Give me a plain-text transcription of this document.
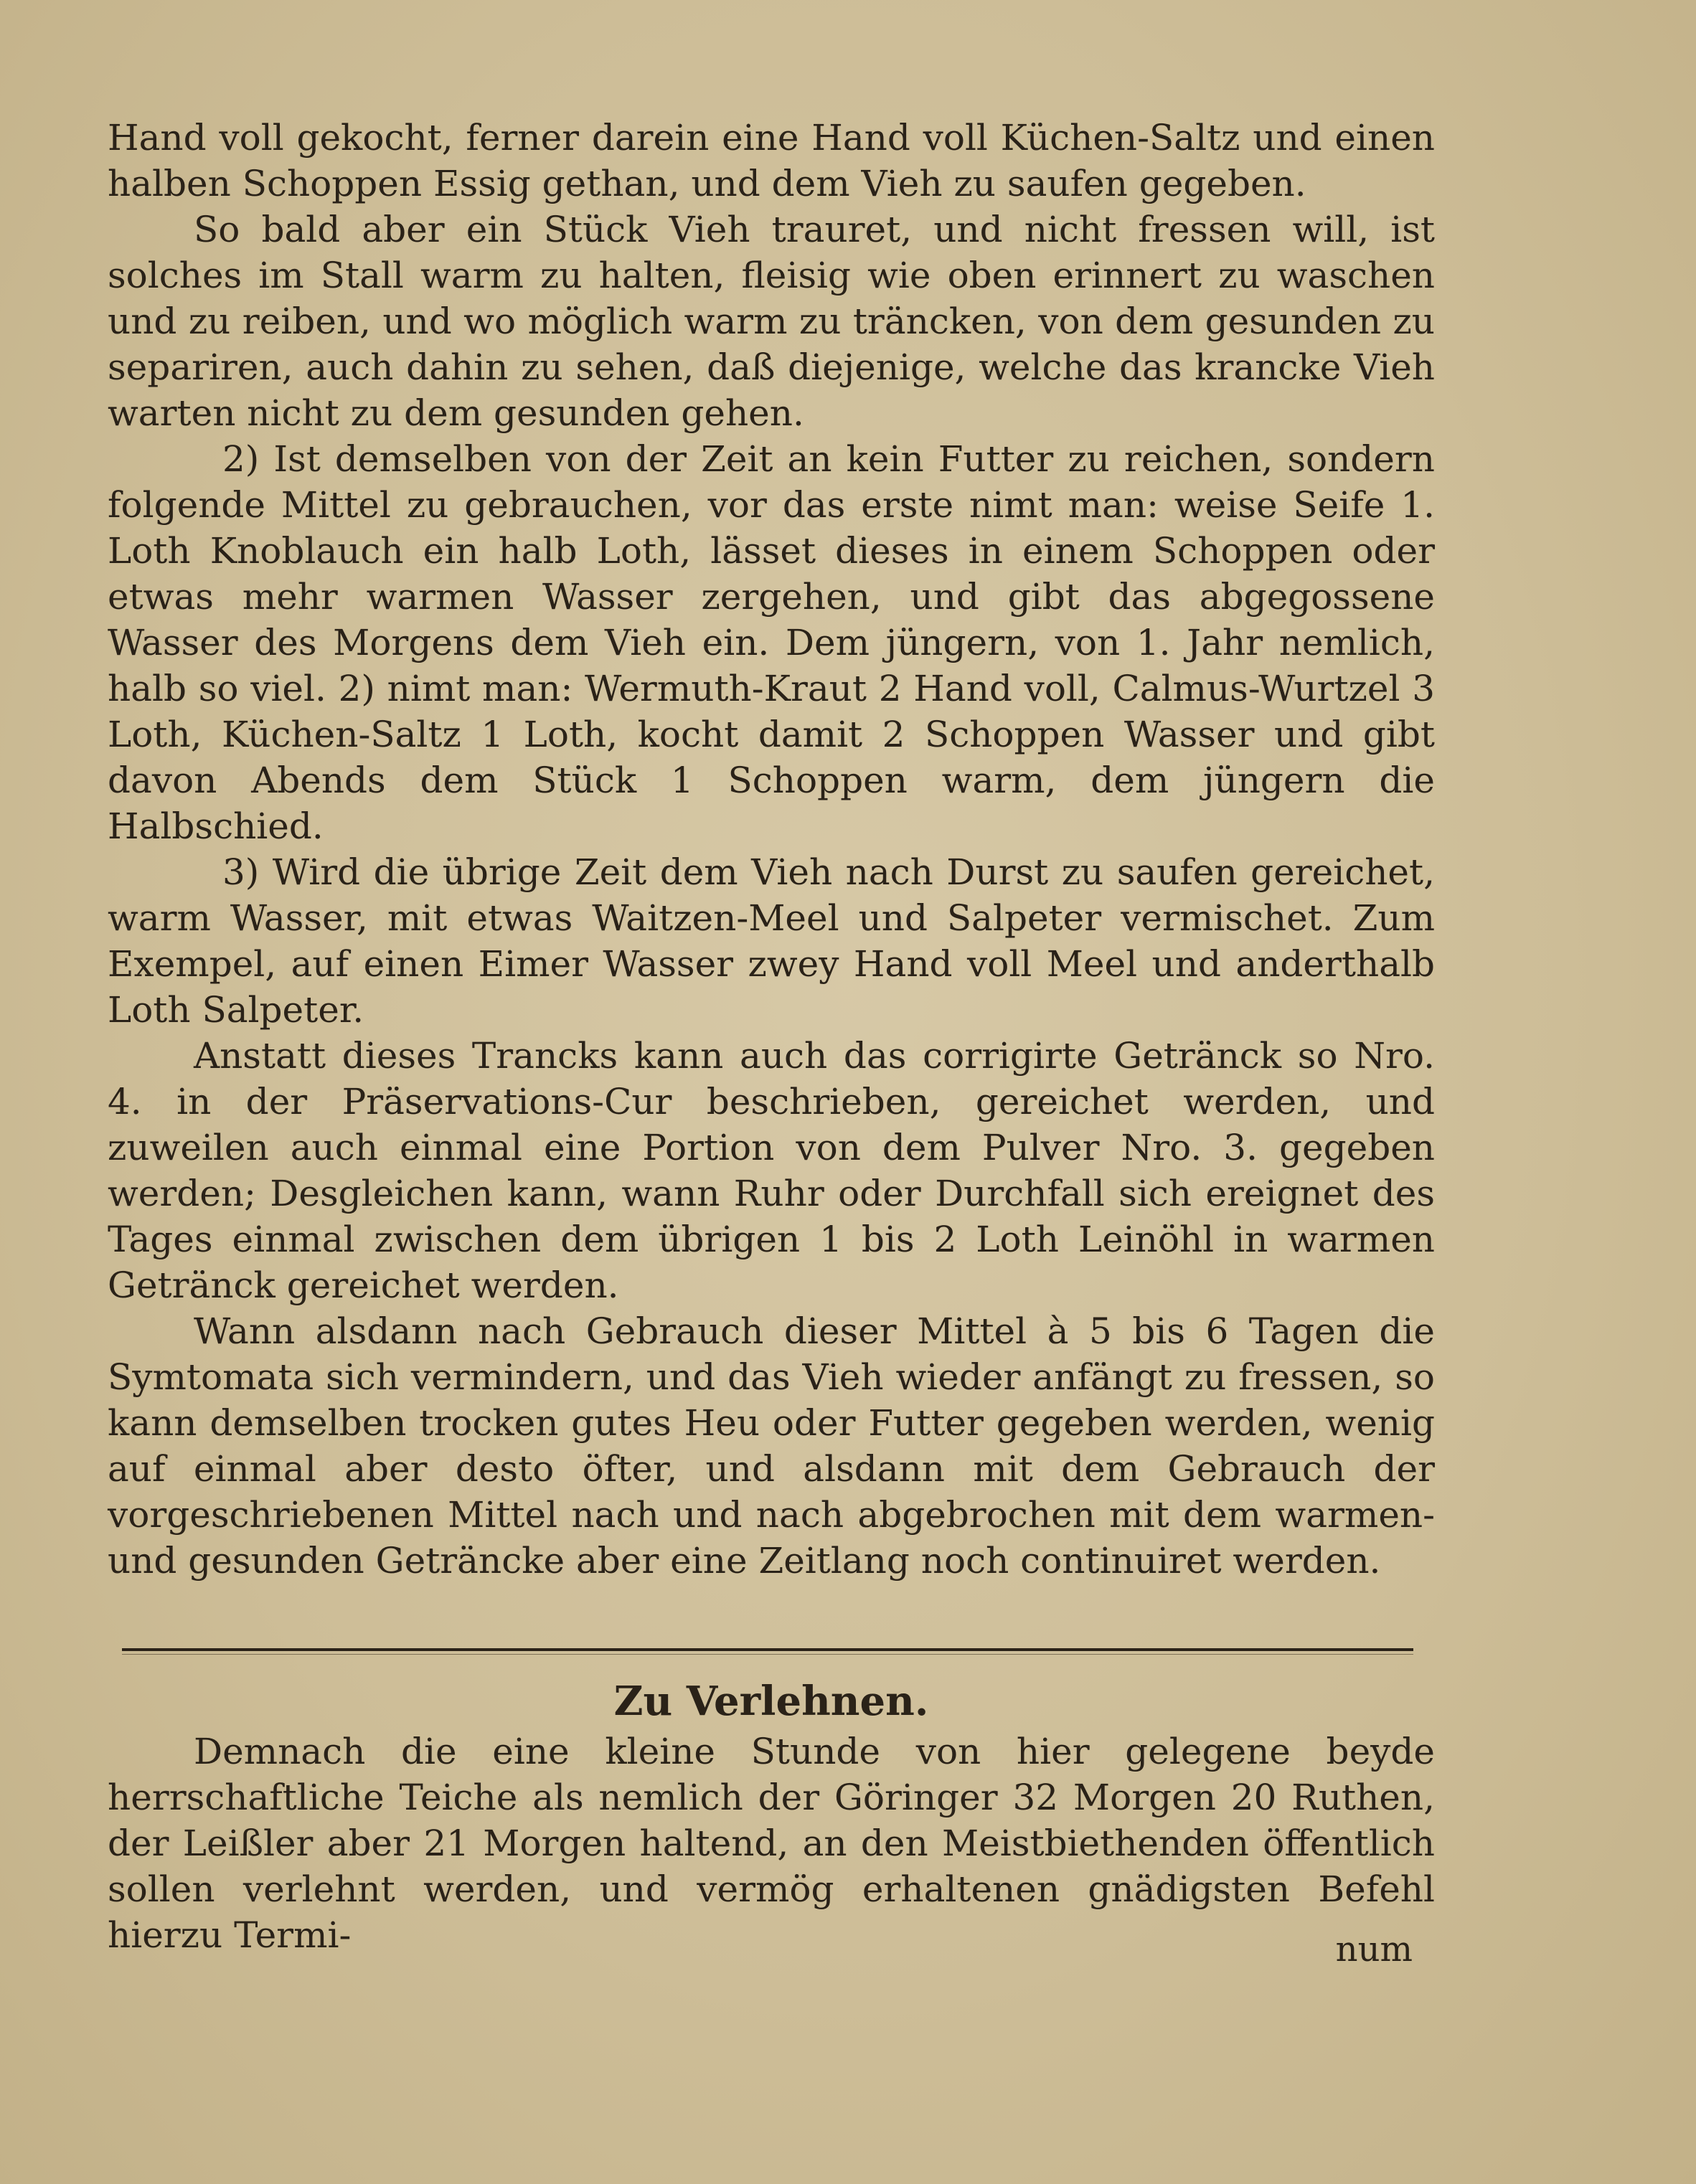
Hand voll gekocht, ferner darein eine Hand voll Küchen-Saltz und einen halben Schoppen Essig gethan, und dem Vieh zu saufen gegeben.

So bald aber ein Stück Vieh trauret, und nicht fressen will, ist solches im Stall warm zu halten, fleisig wie oben erinnert zu waschen und zu reiben, und wo möglich warm zu träncken, von dem gesunden zu separiren, auch dahin zu sehen, daß diejenige, welche das krancke Vieh warten nicht zu dem gesunden gehen.

2) Ist demselben von der Zeit an kein Futter zu reichen, sondern folgende Mittel zu gebrauchen, vor das erste nimt man: weise Seife 1. Loth Knoblauch ein halb Loth, lässet dieses in einem Schoppen oder etwas mehr warmen Wasser zergehen, und gibt das abgegossene Wasser des Morgens dem Vieh ein. Dem jüngern, von 1. Jahr nemlich, halb so viel. 2) nimt man: Wermuth-Kraut 2 Hand voll, Calmus-Wurtzel 3 Loth, Küchen-Saltz 1 Loth, kocht damit 2 Schoppen Wasser und gibt davon Abends dem Stück 1 Schoppen warm, dem jüngern die Halbschied.

3) Wird die übrige Zeit dem Vieh nach Durst zu saufen gereichet, warm Wasser, mit etwas Waitzen-Meel und Salpeter vermischet. Zum Exempel, auf einen Eimer Wasser zwey Hand voll Meel und anderthalb Loth Salpeter.

Anstatt dieses Trancks kann auch das corrigirte Getränck so Nro. 4. in der Präservations-Cur beschrieben, gereichet werden, und zuweilen auch einmal eine Portion von dem Pulver Nro. 3. gegeben werden; Desgleichen kann, wann Ruhr oder Durchfall sich ereignet des Tages einmal zwischen dem übrigen 1 bis 2 Loth Leinöhl in warmen Getränck gereichet werden.

Wann alsdann nach Gebrauch dieser Mittel à 5 bis 6 Tagen die Symtomata sich vermindern, und das Vieh wieder anfängt zu fressen, so kann demselben trocken gutes Heu oder Futter gegeben werden, wenig auf einmal aber desto öfter, und alsdann mit dem Gebrauch der vorgeschriebenen Mittel nach und nach abgebrochen mit dem warmen-und gesunden Geträncke aber eine Zeitlang noch continuiret werden.

Zu Verlehnen.

Demnach die eine kleine Stunde von hier gelegene beyde herrschaftliche Teiche als nemlich der Göringer 32 Morgen 20 Ruthen, der Leißler aber 21 Morgen haltend, an den Meistbiethenden öffentlich sollen verlehnt werden, und vermög erhaltenen gnädigsten Befehl hierzu Termi-	num
